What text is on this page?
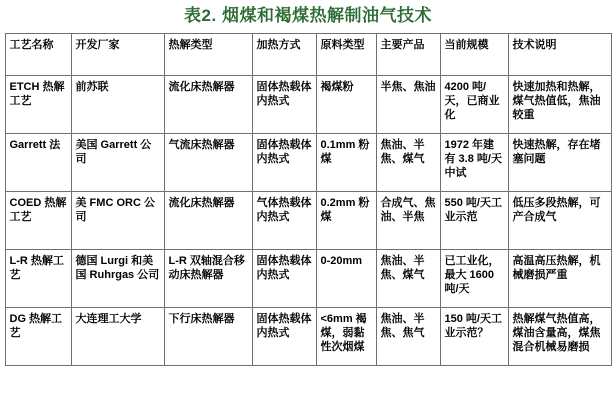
表2. 烟煤和褐煤热解制油气技术
工艺名称	开发厂家	热解类型	加热方式	原料类型	主要产品	当前规模	技术说明
ETCH 热解工艺	前苏联	流化床热解器	固体热载体内热式	褐煤粉	半焦、焦油	4200 吨/天，已商业化	快速加热和热解，煤气热值低，焦油较重
Garrett 法	美国 Garrett 公司	气流床热解器	固体热载体内热式	0.1mm 粉煤	焦油、半焦、煤气	1972 年建有 3.8 吨/天中试	快速热解，存在堵塞问题
COED 热解工艺	美 FMC ORC 公司	流化床热解器	气体热载体内热式	0.2mm 粉煤	合成气、焦油、半焦	550 吨/天工业示范	低压多段热解，可产合成气
L-R 热解工艺	德国 Lurgi 和美国 Ruhrgas 公司	L-R 双轴混合移动床热解器	固体热载体内热式	0-20mm	焦油、半焦、煤气	已工业化，最大 1600 吨/天	高温高压热解，机械磨损严重
DG 热解工艺	大连理工大学	下行床热解器	固体热载体内热式	<6mm 褐煤，弱黏性次烟煤	焦油、半焦、焦气	150 吨/天工业示范？	热解煤气热值高，煤油含量高，煤焦混合机械易磨损
